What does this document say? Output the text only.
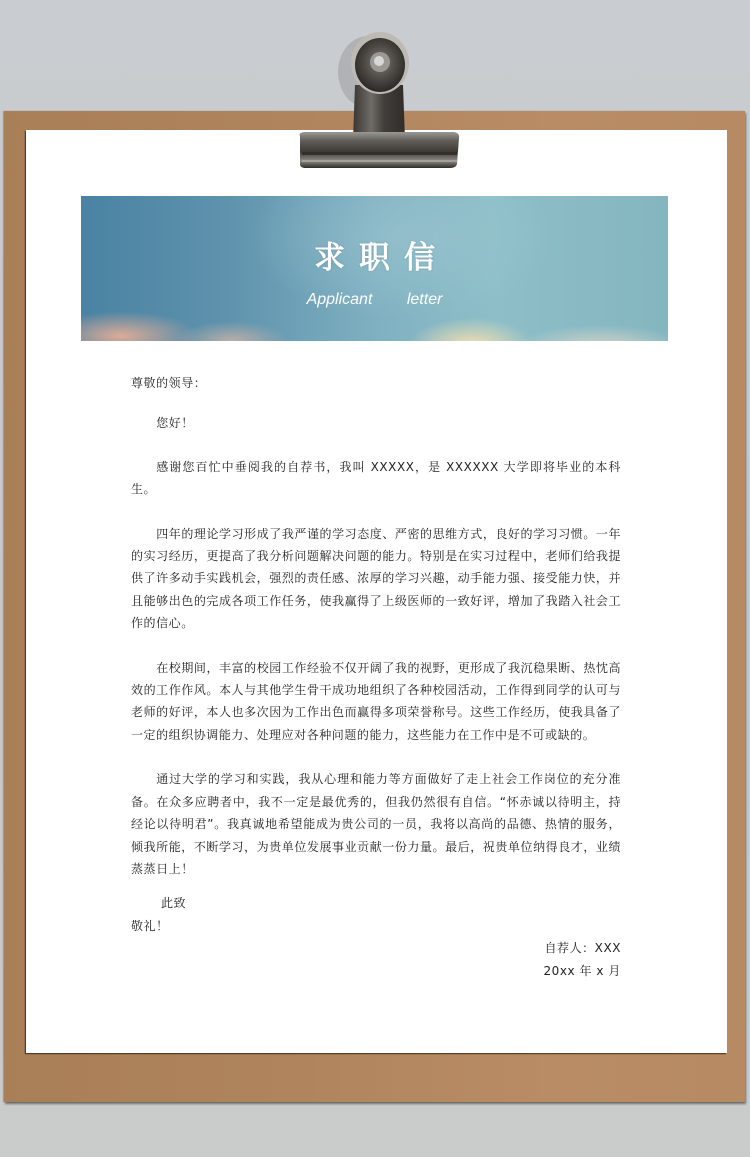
求职信
Applicant letter

尊敬的领导：

您好！

感谢您百忙中垂阅我的自荐书，我叫 XXXXX，是 XXXXXX 大学即将毕业的本科生。

四年的理论学习形成了我严谨的学习态度、严密的思维方式，良好的学习习惯。一年的实习经历，更提高了我分析问题解决问题的能力。特别是在实习过程中，老师们给我提供了许多动手实践机会，强烈的责任感、浓厚的学习兴趣，动手能力强、接受能力快，并且能够出色的完成各项工作任务，使我赢得了上级医师的一致好评，增加了我踏入社会工作的信心。

在校期间，丰富的校园工作经验不仅开阔了我的视野，更形成了我沉稳果断、热忱高效的工作作风。本人与其他学生骨干成功地组织了各种校园活动，工作得到同学的认可与老师的好评，本人也多次因为工作出色而赢得多项荣誉称号。这些工作经历，使我具备了一定的组织协调能力、处理应对各种问题的能力，这些能力在工作中是不可或缺的。

通过大学的学习和实践，我从心理和能力等方面做好了走上社会工作岗位的充分准备。在众多应聘者中，我不一定是最优秀的，但我仍然很有自信。“怀赤诚以待明主，持经论以待明君”。我真诚地希望能成为贵公司的一员，我将以高尚的品德、热情的服务，倾我所能，不断学习，为贵单位发展事业贡献一份力量。最后，祝贵单位纳得良才，业绩蒸蒸日上！

此致

敬礼！

自荐人：XXX

20xx 年 x 月
